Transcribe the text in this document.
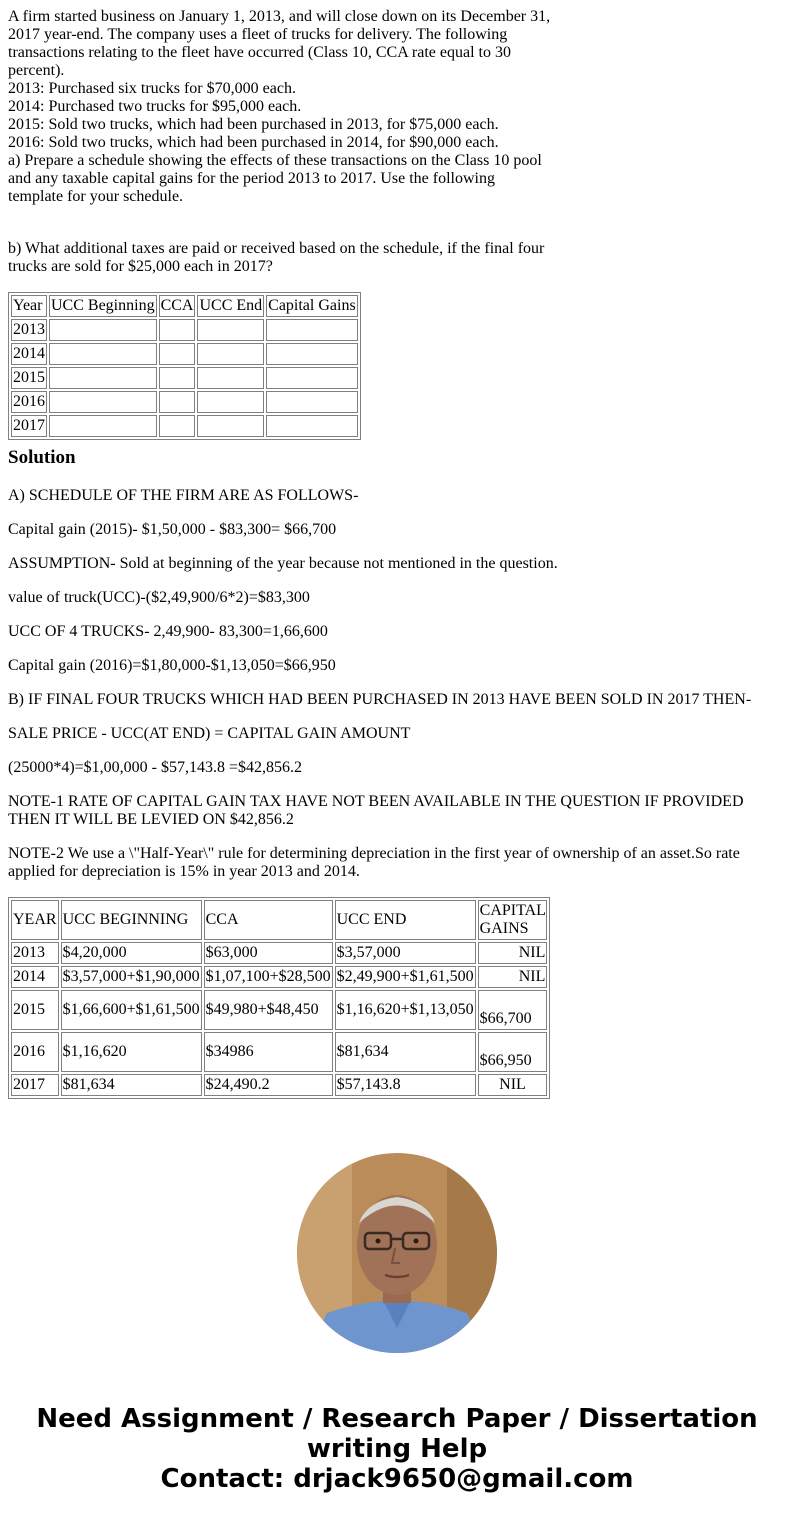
A firm started business on January 1, 2013, and will close down on its December 31,
2017 year-end. The company uses a fleet of trucks for delivery. The following
transactions relating to the fleet have occurred (Class 10, CCA rate equal to 30
percent).
2013: Purchased six trucks for $70,000 each.
2014: Purchased two trucks for $95,000 each.
2015: Sold two trucks, which had been purchased in 2013, for $75,000 each.
2016: Sold two trucks, which had been purchased in 2014, for $90,000 each.
a) Prepare a schedule showing the effects of these transactions on the Class 10 pool
and any taxable capital gains for the period 2013 to 2017. Use the following
template for your schedule.
b) What additional taxes are paid or received based on the schedule, if the final four
trucks are sold for $25,000 each in 2017?
Year	UCC Beginning	CCA	UCC End	Capital Gains
2013				
2014				
2015				
2016				
2017				
Solution

A) SCHEDULE OF THE FIRM ARE AS FOLLOWS-

Capital gain (2015)- $1,50,000 - $83,300= $66,700

ASSUMPTION- Sold at beginning of the year because not mentioned in the question.

value of truck(UCC)-($2,49,900/6*2)=$83,300

UCC OF 4 TRUCKS- 2,49,900- 83,300=1,66,600

Capital gain (2016)=$1,80,000-$1,13,050=$66,950

B) IF FINAL FOUR TRUCKS WHICH HAD BEEN PURCHASED IN 2013 HAVE BEEN SOLD IN 2017 THEN-

SALE PRICE - UCC(AT END) = CAPITAL GAIN AMOUNT

(25000*4)=$1,00,000 - $57,143.8 =$42,856.2

NOTE-1 RATE OF CAPITAL GAIN TAX HAVE NOT BEEN AVAILABLE IN THE QUESTION IF PROVIDED THEN IT WILL BE LEVIED ON $42,856.2

NOTE-2 We use a \"Half-Year\" rule for determining depreciation in the first year of ownership of an asset.So rate applied for depreciation is 15% in year 2013 and 2014.

YEAR	UCC BEGINNING	CCA	UCC END	CAPITAL GAINS
2013	$4,20,000	$63,000	$3,57,000	NIL
2014	$3,57,000+$1,90,000	$1,07,100+$28,500	$2,49,900+$1,61,500	NIL
2015	$1,66,600+$1,61,500	$49,980+$48,450	$1,16,620+$1,13,050	$66,700
2016	$1,16,620	$34986	$81,634	$66,950
2017	$81,634	$24,490.2	$57,143.8	NIL
Need Assignment / Research Paper / Dissertation
writing Help
Contact: drjack9650@gmail.com
